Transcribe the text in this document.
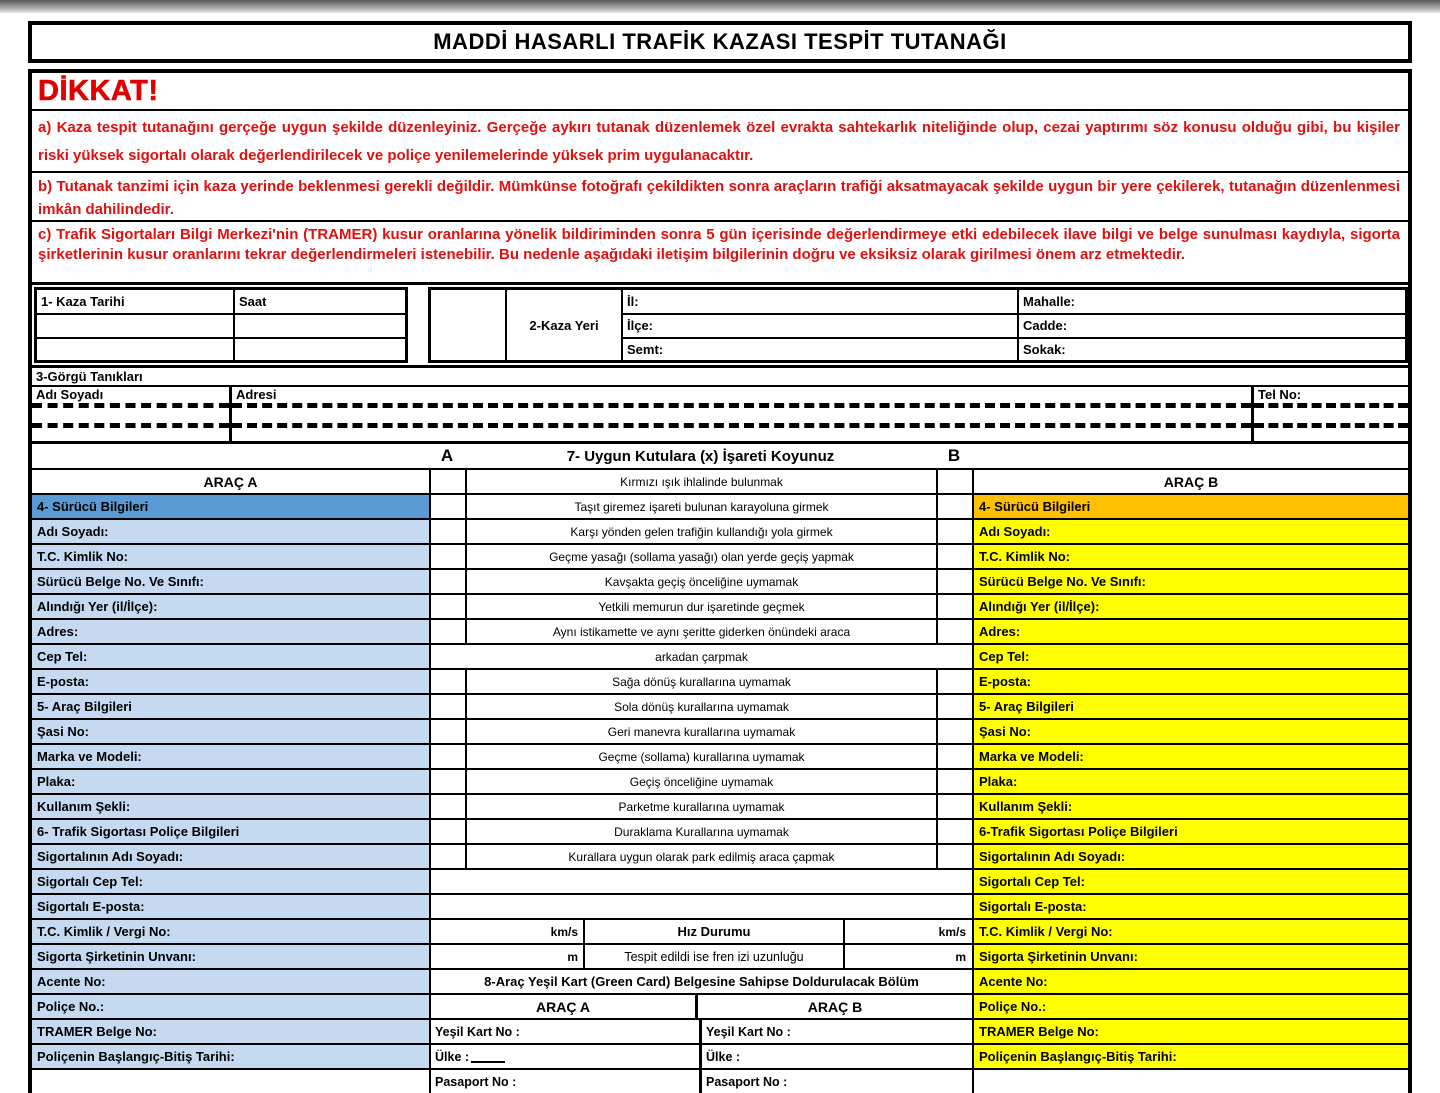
MADDİ HASARLI TRAFİK KAZASI TESPİT TUTANAĞI
DİKKAT!
a) Kaza tespit tutanağını gerçeğe uygun şekilde düzenleyiniz. Gerçeğe aykırı tutanak düzenlemek özel evrakta sahtekarlık niteliğinde olup, cezai yaptırımı söz konusu olduğu gibi, bu kişiler riski yüksek sigortalı olarak değerlendirilecek ve poliçe yenilemelerinde yüksek prim uygulanacaktır.
b) Tutanak tanzimi için kaza yerinde beklenmesi gerekli değildir. Mümkünse fotoğrafı çekildikten sonra araçların trafiği aksatmayacak şekilde uygun bir yere çekilerek, tutanağın düzenlenmesi imkân dahilindedir.
c) Trafik Sigortaları Bilgi Merkezi'nin (TRAMER) kusur oranlarına yönelik bildiriminden sonra 5 gün içerisinde değerlendirmeye etki edebilecek ilave bilgi ve belge sunulması kaydıyla, sigorta şirketlerinin kusur oranlarını tekrar değerlendirmeleri istenebilir. Bu nedenle aşağıdaki iletişim bilgilerinin doğru ve eksiksiz olarak girilmesi önem arz etmektedir.
1- Kaza Tarihi	Saat
2-Kaza Yeri
İl:	Mahalle:
İlçe:	Cadde:
Semt:	Sokak:
3-Görgü Tanıkları
Adı Soyadı	Adresi	Tel No:
A	7- Uygun Kutulara (x) İşareti Koyunuz	B
ARAÇ A	Kırmızı ışık ihlalinde bulunmak	ARAÇ B
4- Sürücü Bilgileri	Taşıt giremez işareti bulunan karayoluna girmek	4- Sürücü Bilgileri
Adı Soyadı:	Karşı yönden gelen trafiğin kullandığı yola girmek	Adı Soyadı:
T.C. Kimlik No:	Geçme yasağı (sollama yasağı) olan yerde geçiş yapmak	T.C. Kimlik No:
Sürücü Belge No. Ve Sınıfı:	Kavşakta geçiş önceliğine uymamak	Sürücü Belge No. Ve Sınıfı:
Alındığı Yer (il/İlçe):	Yetkili memurun dur işaretinde geçmek	Alındığı Yer (il/İlçe):
Adres:	Aynı istikamette ve aynı şeritte giderken önündeki araca	Adres:
Cep Tel:	arkadan çarpmak	Cep Tel:
E-posta:	Sağa dönüş kurallarına uymamak	E-posta:
5- Araç Bilgileri	Sola dönüş kurallarına uymamak	5- Araç Bilgileri
Şasi No:	Geri manevra kurallarına uymamak	Şasi No:
Marka ve Modeli:	Geçme (sollama) kurallarına uymamak	Marka ve Modeli:
Plaka:	Geçiş önceliğine uymamak	Plaka:
Kullanım Şekli:	Parketme kurallarına uymamak	Kullanım Şekli:
6- Trafik Sigortası Poliçe Bilgileri	Duraklama Kurallarına uymamak	6-Trafik Sigortası Poliçe Bilgileri
Sigortalının Adı Soyadı:	Kurallara uygun olarak park edilmiş araca çapmak	Sigortalının Adı Soyadı:
Sigortalı Cep Tel:	Sigortalı Cep Tel:
Sigortalı E-posta:	Sigortalı E-posta:
T.C. Kimlik / Vergi No:	km/s	Hız Durumu	km/s	T.C. Kimlik / Vergi No:
Sigorta Şirketinin Unvanı:	m	Tespit edildi ise fren izi uzunluğu	m	Sigorta Şirketinin Unvanı:
Acente No:	8-Araç Yeşil Kart (Green Card) Belgesine Sahipse Doldurulacak Bölüm	Acente No:
Poliçe No.:	ARAÇ A	ARAÇ B	Poliçe No.:
TRAMER Belge No:	Yeşil Kart No :	Yeşil Kart No :	TRAMER Belge No:
Poliçenin Başlangıç-Bitiş Tarihi:	Ülke :	Ülke :	Poliçenin Başlangıç-Bitiş Tarihi:
Pasaport No :	Pasaport No :
